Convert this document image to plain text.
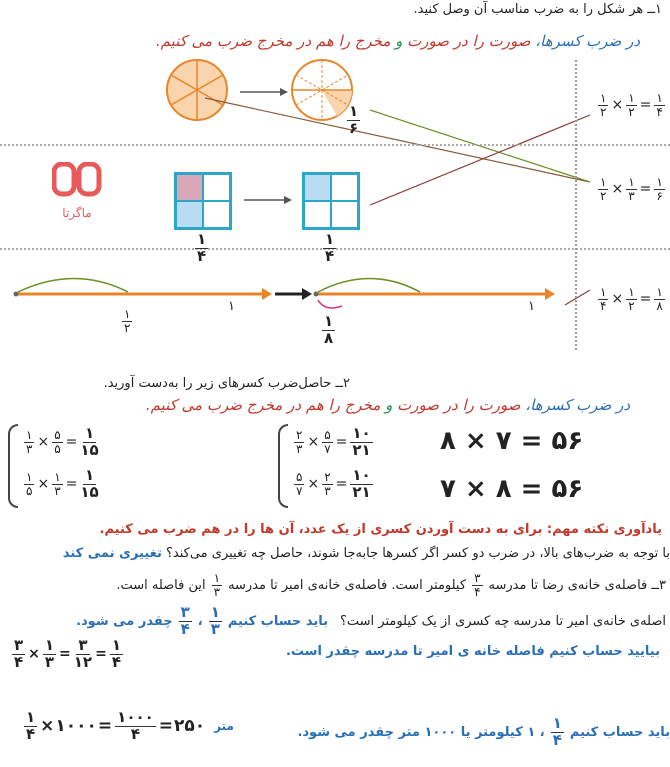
۱ــ هر شکل را به ضرب مناسب آن وصل کنید.
در ضرب کسرها، صورت را در صورت و مخرج را هم در مخرج ضرب می کنیم.
$\frac{۱}{۶}$
$\frac{۱}{۴}$	$\frac{۱}{۴}$
ماگرتا
۱
$\frac{۱}{۲}$
۱
$\frac{۱}{۸}$
$\frac{۱}{۲} \times \frac{۱}{۲} = \frac{۱}{۴}$
$\frac{۱}{۲} \times \frac{۱}{۳} = \frac{۱}{۶}$
$\frac{۱}{۴} \times \frac{۱}{۲} = \frac{۱}{۸}$
۲ــ حاصل‌ضرب کسرهای زیر را به‌دست آورید.
در ضرب کسرها، صورت را در صورت و مخرج را هم در مخرج ضرب می کنیم.
$\frac{۱}{۳} \times \frac{۵}{۵} = \frac{۱}{۱۵}$
$\frac{۱}{۵} \times \frac{۱}{۳} = \frac{۱}{۱۵}$
$\frac{۲}{۳} \times \frac{۵}{۷} = \frac{۱۰}{۲۱}$
$\frac{۵}{۷} \times \frac{۲}{۳} = \frac{۱۰}{۲۱}$
۸ × ۷ = ۵۶
۷ × ۸ = ۵۶
یادآوری نکته مهم: برای به دست آوردن کسری از یک عدد، آن ها را در هم ضرب می کنیم.
با توجه به ضرب‌های بالا، در ضرب دو کسر اگر کسرها جابه‌جا شوند، حاصل چه تغییری می‌کند؟ تغییری نمی کند
۳ــ فاصله‌ی خانه‌ی رضا تا مدرسه
$\frac{۳}{۴}$
کیلومتر است. فاصله‌ی خانه‌ی امیر تا مدرسه
$\frac{۱}{۳}$
این فاصله است.
اصله‌ی خانه‌ی امیر تا مدرسه چه کسری از یک کیلومتر است؟
باید حساب کنیم
$\frac{۱}{۳}$
،
$\frac{۳}{۴}$
چقدر می شود.
$\frac{۳}{۴} \times \frac{۱}{۳} = \frac{۳}{۱۲} = \frac{۱}{۴}$	بیایید حساب کنیم فاصله خانه ی امیر تا مدرسه چقدر است.
$\frac{۱}{۴}$ × ۱۰۰۰ = $\frac{۱۰۰۰}{۴}$ = ۲۵۰ متر	باید حساب کنیم
$\frac{۱}{۴}$
، ۱ کیلومتر یا ۱۰۰۰ متر چقدر می شود.
